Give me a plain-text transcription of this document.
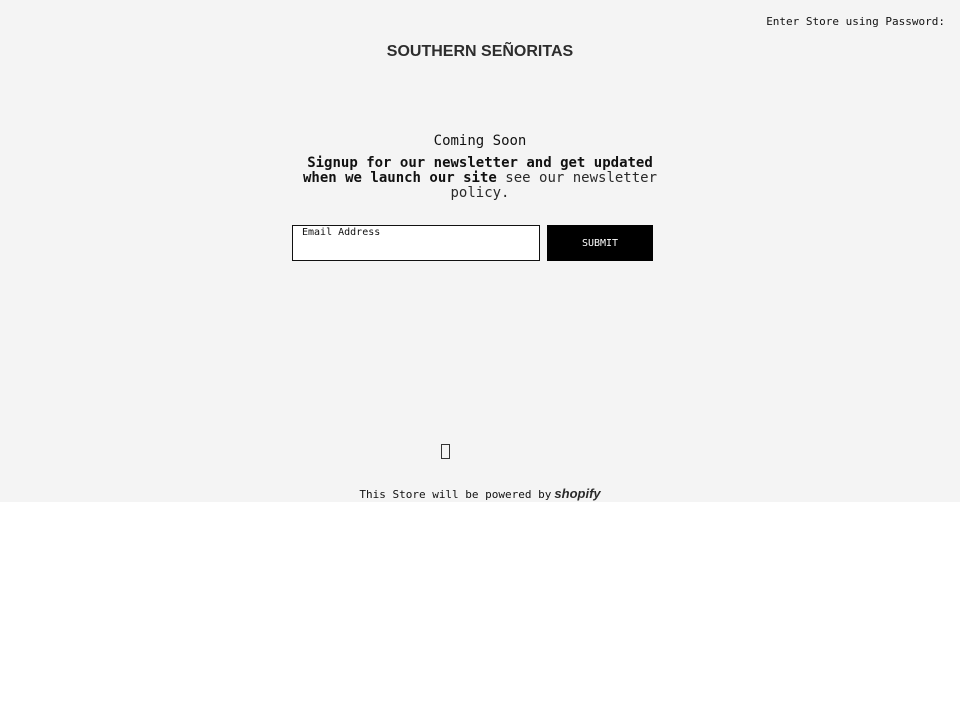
Enter Store using Password:
SOUTHERN SEÑORITAS
Coming Soon

Signup for our newsletter and get updated when we launch our site see our newsletter policy.

Email Address
SUBMIT
This Store will be powered by shopify
